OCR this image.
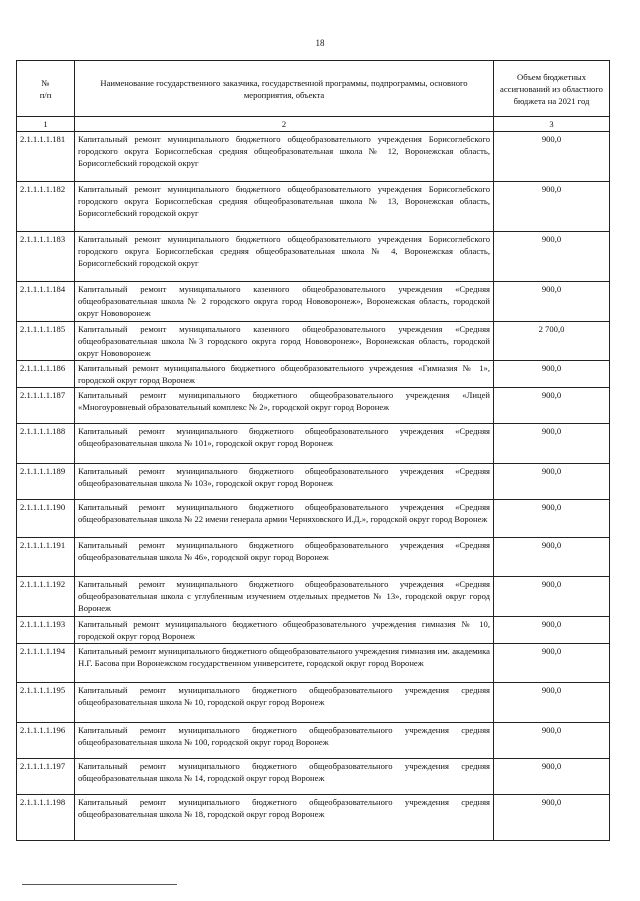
18
№
п/п	Наименование государственного заказчика, государственной программы, подпрограммы, основного мероприятия, объекта	Объем бюджетных ассигнований из областного бюджета на 2021 год
1	2	3
2.1.1.1.1.181	Капитальный ремонт муниципального бюджетного общеобразовательного учреждения Борисоглебского городского округа Борисоглебская средняя общеобразовательная школа № 12, Воронежская область, Борисоглебский городской округ	900,0
2.1.1.1.1.182	Капитальный ремонт муниципального бюджетного общеобразовательного учреждения Борисоглебского городского округа Борисоглебская средняя общеобразовательная школа № 13, Воронежская область, Борисоглебский городской округ	900,0
2.1.1.1.1.183	Капитальный ремонт муниципального бюджетного общеобразовательного учреждения Борисоглебского городского округа Борисоглебская средняя общеобразовательная школа № 4, Воронежская область, Борисоглебский городской округ	900,0
2.1.1.1.1.184	Капитальный ремонт муниципального казенного общеобразовательного учреждения «Средняя общеобразовательная школа № 2 городского округа город Нововоронеж», Воронежская область, городской округ Нововоронеж	900,0
2.1.1.1.1.185	Капитальный ремонт муниципального казенного общеобразовательного учреждения «Средняя общеобразовательная школа №3 городского округа город Нововоронеж», Воронежская область, городской округ Нововоронеж	2 700,0
2.1.1.1.1.186	Капитальный ремонт муниципального бюджетного общеобразовательного учреждения «Гимназия № 1», городской округ город Воронеж	900,0
2.1.1.1.1.187	Капитальный ремонт муниципального бюджетного общеобразовательного учреждения «Лицей «Многоуровневый образовательный комплекс № 2», городской округ город Воронеж	900,0
2.1.1.1.1.188	Капитальный ремонт муниципального бюджетного общеобразовательного учреждения «Средняя общеобразовательная школа № 101», городской округ город Воронеж	900,0
2.1.1.1.1.189	Капитальный ремонт муниципального бюджетного общеобразовательного учреждения «Средняя общеобразовательная школа № 103», городской округ город Воронеж	900,0
2.1.1.1.1.190	Капитальный ремонт муниципального бюджетного общеобразовательного учреждения «Средняя общеобразовательная школа № 22 имени генерала армии Черняховского И.Д.», городской округ город Воронеж	900,0
2.1.1.1.1.191	Капитальный ремонт муниципального бюджетного общеобразовательного учреждения «Средняя общеобразовательная школа № 46», городской округ город Воронеж	900,0
2.1.1.1.1.192	Капитальный ремонт муниципального бюджетного общеобразовательного учреждения «Средняя общеобразовательная школа с углубленным изучением отдельных предметов № 13», городской округ город Воронеж	900,0
2.1.1.1.1.193	Капитальный ремонт муниципального бюджетного общеобразовательного учреждения гимназия № 10, городской округ город Воронеж	900,0
2.1.1.1.1.194	Капитальный ремонт муниципального бюджетного общеобразовательного учреждения гимназия им. академика Н.Г. Басова при Воронежском государственном университете, городской округ город Воронеж	900,0
2.1.1.1.1.195	Капитальный ремонт муниципального бюджетного общеобразовательного учреждения средняя общеобразовательная школа № 10, городской округ город Воронеж	900,0
2.1.1.1.1.196	Капитальный ремонт муниципального бюджетного общеобразовательного учреждения средняя общеобразовательная школа № 100, городской округ город Воронеж	900,0
2.1.1.1.1.197	Капитальный ремонт муниципального бюджетного общеобразовательного учреждения средняя общеобразовательная школа № 14, городской округ город Воронеж	900,0
2.1.1.1.1.198	Капитальный ремонт муниципального бюджетного общеобразовательного учреждения средняя общеобразовательная школа № 18, городской округ город Воронеж	900,0
